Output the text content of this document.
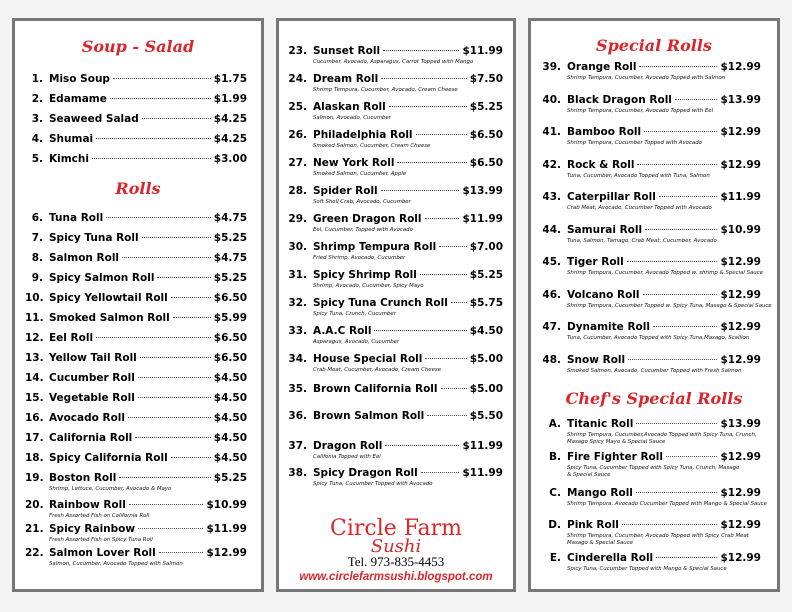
Soup - Salad
1. Miso Soup	$1.75
2. Edamame	$1.99
3. Seaweed Salad	$4.25
4. Shumai	$4.25
5. Kimchi	$3.00
Rolls
6. Tuna Roll	$4.75
7. Spicy Tuna Roll	$5.25
8. Salmon Roll	$4.75
9. Spicy Salmon Roll	$5.25
10. Spicy Yellowtail Roll	$6.50
11. Smoked Salmon Roll	$5.99
12. Eel Roll	$6.50
13. Yellow Tail Roll	$6.50
14. Cucumber Roll	$4.50
15. Vegetable Roll	$4.50
16. Avocado Roll	$4.50
17. California Roll	$4.50
18. Spicy California Roll	$4.50
19. Boston Roll	$5.25
Shrimp, Lettuce, Cucumber, Avocado & Mayo
20. Rainbow Roll	$10.99
Fresh Assorted Fish on California Roll
21. Spicy Rainbow	$11.99
Fresh Assorted Fish on Spicy Tuna Roll
22. Salmon Lover Roll	$12.99
Salmon, Cucumber, Avocado Topped with Salmon
23. Sunset Roll	$11.99
Cucumber, Avocado, Asparagus, Carrot Topped with Mango
24. Dream Roll	$7.50
Shrimp Tempura, Cucumber, Avocado, Cream Cheese
25. Alaskan Roll	$5.25
Salmon, Avocado, Cucumber
26. Philadelphia Roll	$6.50
Smoked Salmon, Cucumber, Cream Cheese
27. New York Roll	$6.50
Smoked Salmon, Cucumber, Apple
28. Spider Roll	$13.99
Soft Shell Crab, Avocado, Cucumber
29. Green Dragon Roll	$11.99
Eel, Cucumber, Topped with Avocado
30. Shrimp Tempura Roll	$7.00
Fried Shrimp, Avocado, Cucumber
31. Spicy Shrimp Roll	$5.25
Shrimp, Avocado, Cucumber, Spicy Mayo
32. Spicy Tuna Crunch Roll $5.75
Spicy Tuna, Crunch, Cucumber
33. A.A.C Roll	$4.50
Asparagus, Avocado, Cucumber
34. House Special Roll	$5.00
Crab Meat, Cucumber, Avocado, Cream Cheese
35. Brown California Roll	$5.00
36. Brown Salmon Roll	$5.50
37. Dragon Roll	$11.99
Califonia Topped with Eel
38. Spicy Dragon Roll	$11.99
Spicy Tuna, Cucumber Topped with Avocado
Circle Farm
Sushi
Tel. 973-835-4453
www.circlefarmsushi.blogspot.com
Special Rolls
39. Orange Roll	$12.99
Shrimp Tempura, Cucumber, Avocado Topped with Salmon
40. Black Dragon Roll	$13.99
Shrimp Tempura, Cucumber, Avocado Topped with Eel
41. Bamboo Roll	$12.99
Shrimp Tempura, Cucumber Topped with Avocado
42. Rock & Roll	$12.99
Tuna, Cucumber, Avocado Topped with Tuna, Salmon
43. Caterpillar Roll	$11.99
Crab Meat, Avocado, Cucumber Topped with Avocado
44. Samurai Roll	$10.99
Tuna, Salmon, Tamago, Crab Meat, Cucumber, Avocado
45. Tiger Roll	$12.99
Shrimp Tempura, Cucumber, Avocado Topped w. shrimp & Special Sauce
46. Volcano Roll	$12.99
Shrimp Tempura, Cucumber Topped w. Spicy Tuna, Masago & Special Sauce
47. Dynamite Roll	$12.99
Tuna, Cucumber, Avocado Topped with Spicy Tuna,Masago, Scallion
48. Snow Roll	$12.99
Smoked Salmon, Avocado, Cucumber Topped with Fresh Salmon
Chef's Special Rolls
A. Titanic Roll	$13.99
Shrimp Tempura, Cucumber,Avocado Topped with Spicy Tuna, Crunch,
Masago Spicy Mayo & Special Sauce
B. Fire Fighter Roll	$12.99
Spicy Tuna, Cucumber Topped with Spicy Tuna, Crunch, Masago
& Special Sauce
C. Mango Roll	$12.99
Shrimp Tempura, Avocado Cucumber Topped with Mango & Special Sauce
D. Pink Roll	$12.99
Shrimp Tempura, Cucumber, Avocado Topped with Spicy Crab Meat
Masago & Special Sauce
E. Cinderella Roll	$12.99
Spicy Tuna, Cucumber Topped with Mango & Special Sauce
